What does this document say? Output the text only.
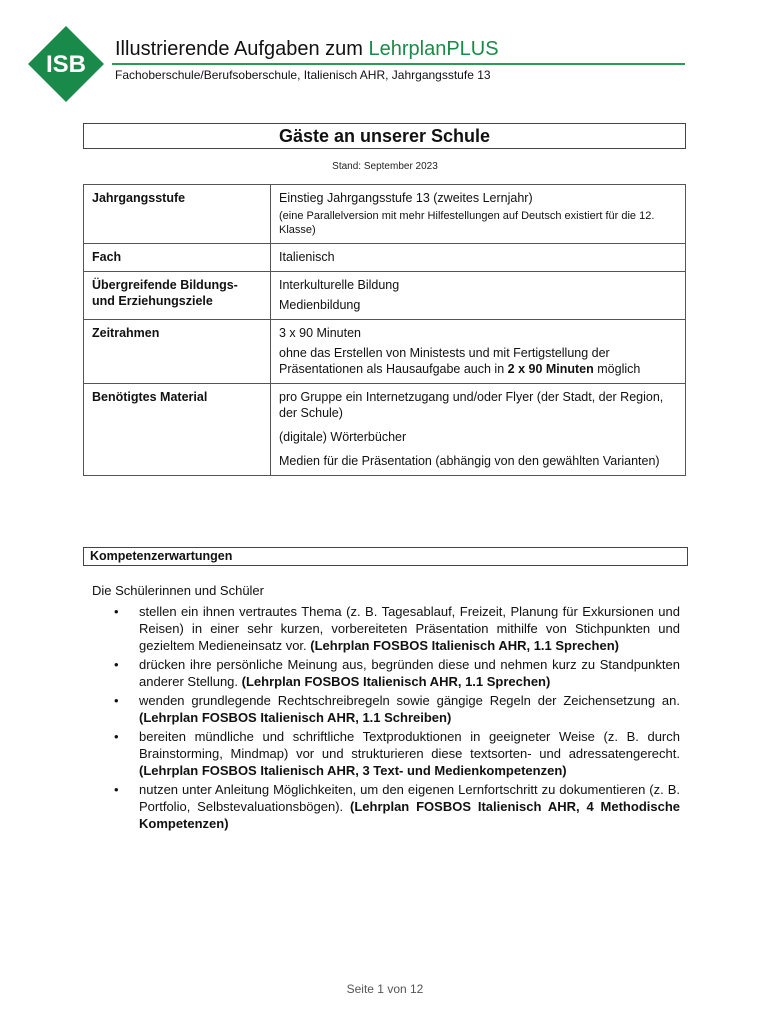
ISB
Illustrierende Aufgaben zum LehrplanPLUS
Fachoberschule/Berufsoberschule, Italienisch AHR, Jahrgangsstufe 13
Gäste an unserer Schule
Stand: September 2023
Jahrgangsstufe	Einstieg Jahrgangsstufe 13 (zweites Lernjahr)
(eine Parallelversion mit mehr Hilfestellungen auf Deutsch existiert für die 12. Klasse)

Fach	Italienisch
Übergreifende Bildungs- und Erziehungsziele	Interkulturelle Bildung
Medienbildung

Zeitrahmen	3 x 90 Minuten
ohne das Erstellen von Ministests und mit Fertigstellung der Präsentationen als Hausaufgabe auch in 2 x 90 Minuten möglich

Benötigtes Material	pro Gruppe ein Internetzugang und/oder Flyer (der Stadt, der Region, der Schule)
(digitale) Wörterbücher
Medien für die Präsentation (abhängig von den gewählten Varianten)
Kompetenzerwartungen
Die Schülerinnen und Schüler
• stellen ein ihnen vertrautes Thema (z. B. Tagesablauf, Freizeit, Planung für Exkursionen und Reisen) in einer sehr kurzen, vorbereiteten Präsentation mithilfe von Stichpunkten und gezieltem Medieneinsatz vor. (Lehrplan FOSBOS Italienisch AHR, 1.1 Sprechen)
• drücken ihre persönliche Meinung aus, begründen diese und nehmen kurz zu Standpunkten anderer Stellung. (Lehrplan FOSBOS Italienisch AHR, 1.1 Sprechen)
• wenden grundlegende Rechtschreibregeln sowie gängige Regeln der Zeichensetzung an. (Lehrplan FOSBOS Italienisch AHR, 1.1 Schreiben)
• bereiten mündliche und schriftliche Textproduktionen in geeigneter Weise (z. B. durch Brainstorming, Mindmap) vor und strukturieren diese textsorten- und adressatengerecht. (Lehrplan FOSBOS Italienisch AHR, 3 Text- und Medienkompetenzen)
• nutzen unter Anleitung Möglichkeiten, um den eigenen Lernfortschritt zu dokumentieren (z. B. Portfolio, Selbstevaluationsbögen). (Lehrplan FOSBOS Italienisch AHR, 4 Methodische Kompetenzen)
Seite 1 von 12
